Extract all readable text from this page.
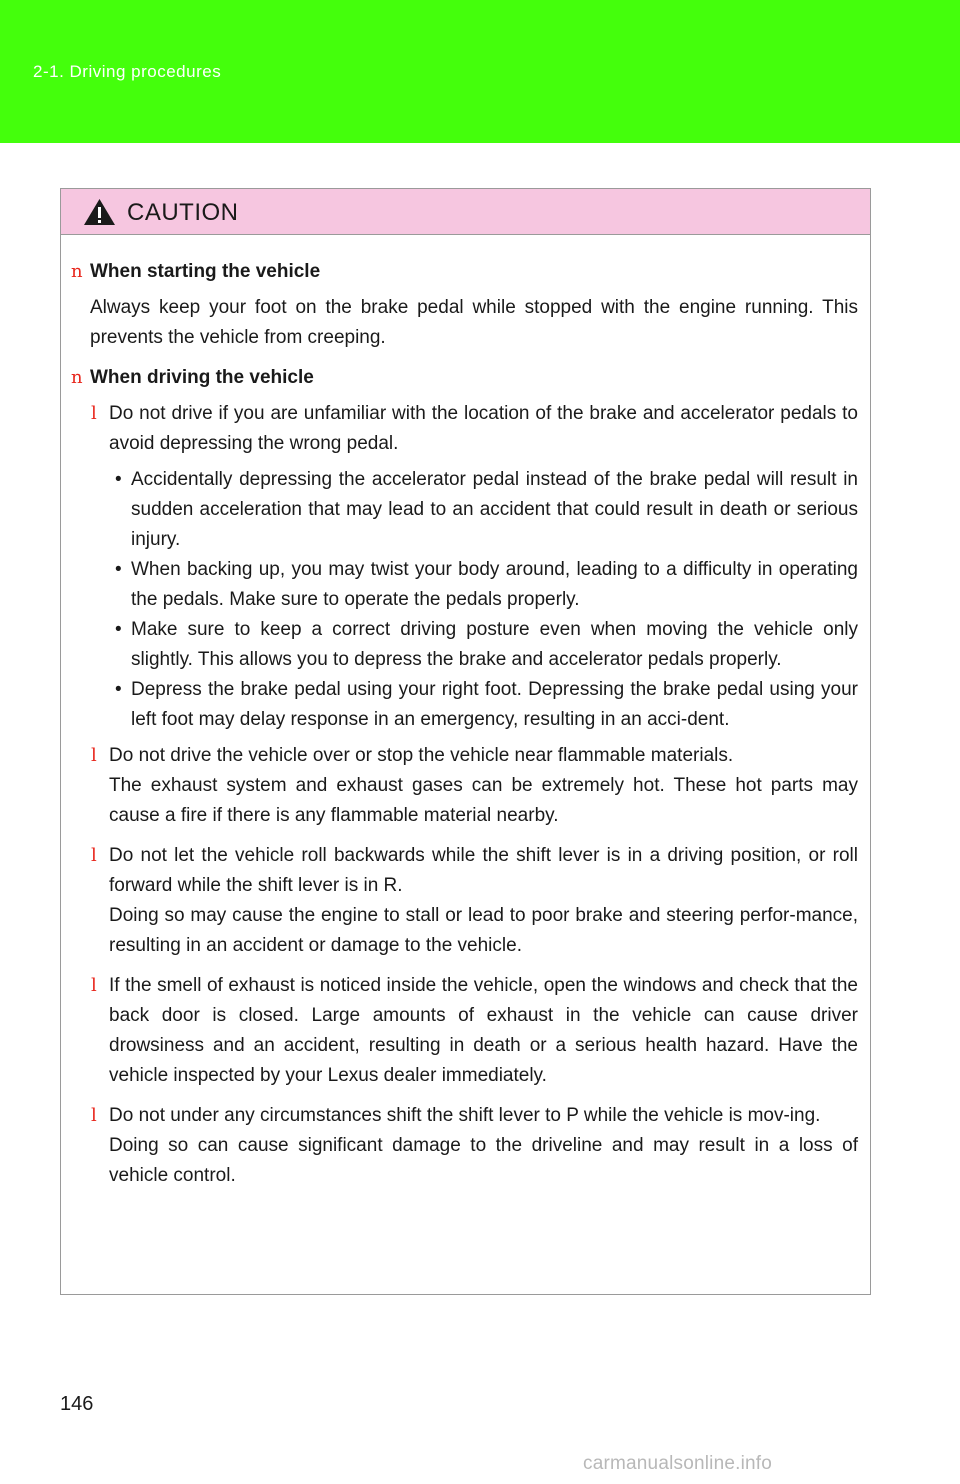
2-1. Driving procedures
CAUTION
n When starting the vehicle
Always keep your foot on the brake pedal while stopped with the engine running. This prevents the vehicle from creeping.
n When driving the vehicle
l Do not drive if you are unfamiliar with the location of the brake and accelerator pedals to avoid depressing the wrong pedal.
• Accidentally depressing the accelerator pedal instead of the brake pedal will result in sudden acceleration that may lead to an accident that could result in death or serious injury.
• When backing up, you may twist your body around, leading to a difficulty in operating the pedals. Make sure to operate the pedals properly.
• Make sure to keep a correct driving posture even when moving the vehicle only slightly. This allows you to depress the brake and accelerator pedals properly.
• Depress the brake pedal using your right foot. Depressing the brake pedal using your left foot may delay response in an emergency, resulting in an acci-dent.
l Do not drive the vehicle over or stop the vehicle near flammable materials.
The exhaust system and exhaust gases can be extremely hot. These hot parts may cause a fire if there is any flammable material nearby.
l Do not let the vehicle roll backwards while the shift lever is in a driving position, or roll forward while the shift lever is in R.
Doing so may cause the engine to stall or lead to poor brake and steering perfor-mance, resulting in an accident or damage to the vehicle.
l If the smell of exhaust is noticed inside the vehicle, open the windows and check that the back door is closed. Large amounts of exhaust in the vehicle can cause driver drowsiness and an accident, resulting in death or a serious health hazard. Have the vehicle inspected by your Lexus dealer immediately.
l Do not under any circumstances shift the shift lever to P while the vehicle is mov-ing.
Doing so can cause significant damage to the driveline and may result in a loss of vehicle control.
146
carmanualsonline.info
